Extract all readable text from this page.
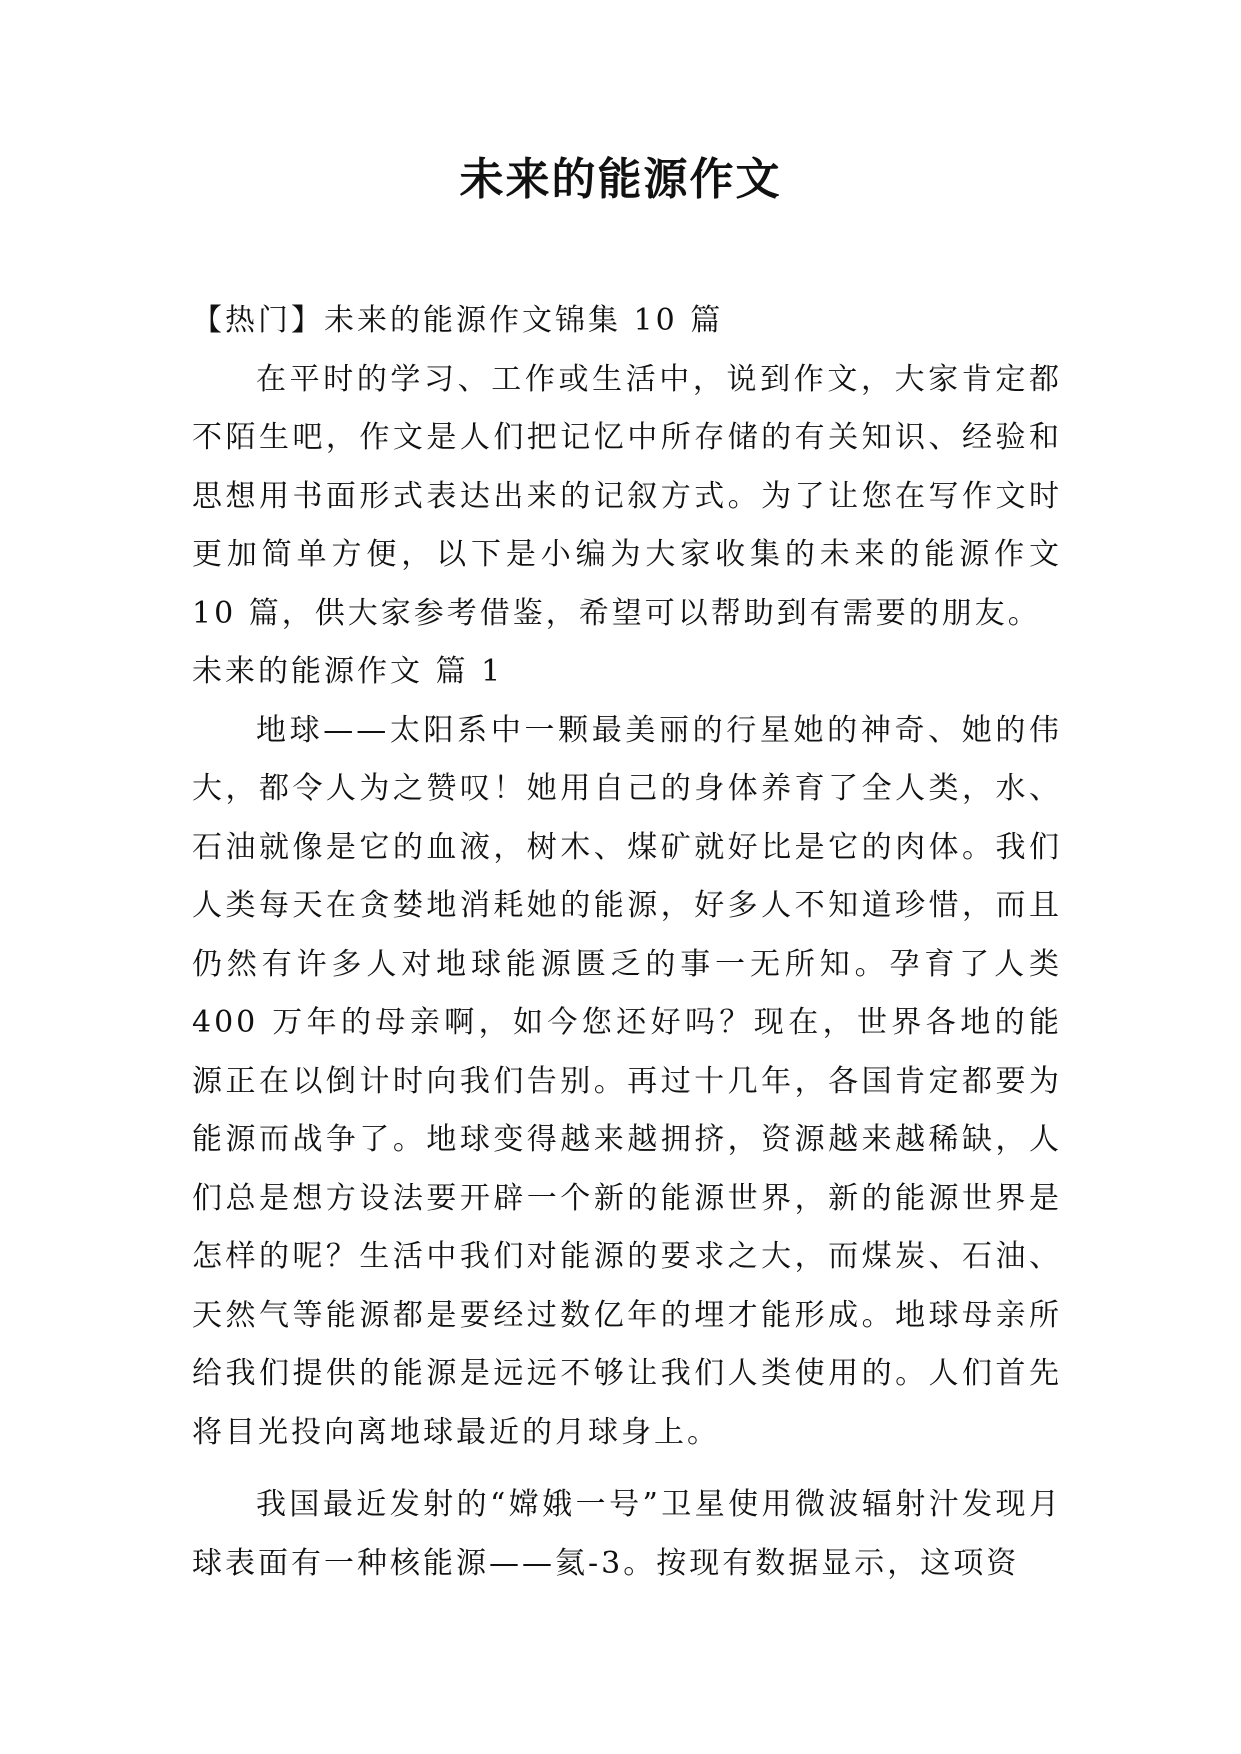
未来的能源作文

【热门】未来的能源作文锦集 10 篇

在平时的学习、工作或生活中，说到作文，大家肯定都不陌生吧，作文是人们把记忆中所存储的有关知识、经验和思想用书面形式表达出来的记叙方式。为了让您在写作文时更加简单方便，以下是小编为大家收集的未来的能源作文 10 篇，供大家参考借鉴，希望可以帮助到有需要的朋友。

未来的能源作文 篇 1

地球——太阳系中一颗最美丽的行星她的神奇、她的伟大，都令人为之赞叹！她用自己的身体养育了全人类，水、石油就像是它的血液，树木、煤矿就好比是它的肉体。我们人类每天在贪婪地消耗她的能源，好多人不知道珍惜，而且仍然有许多人对地球能源匮乏的事一无所知。孕育了人类400 万年的母亲啊，如今您还好吗？现在，世界各地的能源正在以倒计时向我们告别。再过十几年，各国肯定都要为能源而战争了。地球变得越来越拥挤，资源越来越稀缺，人们总是想方设法要开辟一个新的能源世界，新的能源世界是怎样的呢？生活中我们对能源的要求之大，而煤炭、石油、天然气等能源都是要经过数亿年的埋才能形成。地球母亲所给我们提供的能源是远远不够让我们人类使用的。人们首先将目光投向离地球最近的月球身上。

我国最近发射的“嫦娥一号”卫星使用微波辐射汁发现月球表面有一种核能源——氦-3。按现有数据显示，这项资
